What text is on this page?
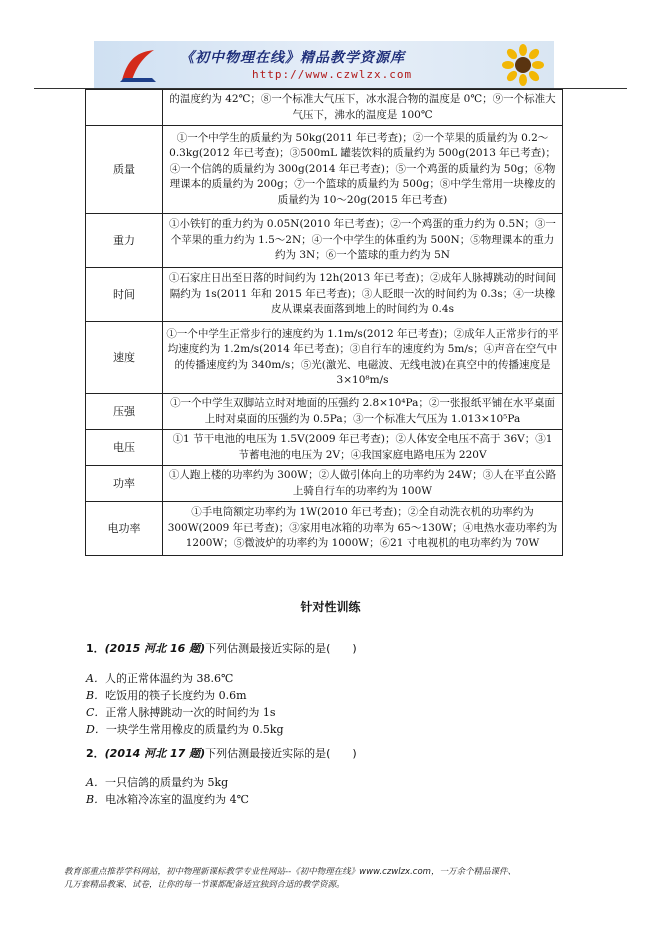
《初中物理在线》精品教学资源库
http://www.czwlzx.com
	的温度约为 42℃；⑧一个标准大气压下，冰水混合物的温度是 0℃；⑨一个标准大气压下，沸水的温度是 100℃
质量	①一个中学生的质量约为 50kg(2011 年已考查)；②一个苹果的质量约为 0.2～0.3kg(2012 年已考查)；③500mL 罐装饮料的质量约为 500g(2013 年已考查)；④一个信鸽的质量约为 300g(2014 年已考查)；⑤一个鸡蛋的质量约为 50g；⑥物理课本的质量约为 200g；⑦一个篮球的质量约为 500g；⑧中学生常用一块橡皮的质量约为 10～20g(2015 年已考查)
重力	①小铁钉的重力约为 0.05N(2010 年已考查)；②一个鸡蛋的重力约为 0.5N；③一个苹果的重力约为 1.5～2N；④一个中学生的体重约为 500N；⑤物理课本的重力约为 3N；⑥一个篮球的重力约为 5N
时间	①石家庄日出至日落的时间约为 12h(2013 年已考查)；②成年人脉搏跳动的时间间隔约为 1s(2011 年和 2015 年已考查)；③人眨眼一次的时间约为 0.3s；④一块橡皮从课桌表面落到地上的时间约为 0.4s
速度	①一个中学生正常步行的速度约为 1.1m/s(2012 年已考查)；②成年人正常步行的平均速度约为 1.2m/s(2014 年已考查)；③自行车的速度约为 5m/s；④声音在空气中的传播速度约为 340m/s；⑤光(激光、电磁波、无线电波)在真空中的传播速度是 3×10⁸m/s
压强	①一个中学生双脚站立时对地面的压强约 2.8×10⁴Pa；②一张报纸平铺在水平桌面上时对桌面的压强约为 0.5Pa；③一个标准大气压为 1.013×10⁵Pa
电压	①1 节干电池的电压为 1.5V(2009 年已考查)；②人体安全电压不高于 36V；③1 节蓄电池的电压为 2V；④我国家庭电路电压为 220V
功率	①人跑上楼的功率约为 300W；②人做引体向上的功率约为 24W；③人在平直公路上骑自行车的功率约为 100W
电功率	①手电筒额定功率约为 1W(2010 年已考查)；②全自动洗衣机的功率约为 300W(2009 年已考查)；③家用电冰箱的功率为 65～130W；④电热水壶功率约为 1200W；⑤微波炉的功率约为 1000W；⑥21 寸电视机的电功率约为 70W
针对性训练
1．(2015 河北 16 题)下列估测最接近实际的是(　　)
A．人的正常体温约为 38.6℃
B．吃饭用的筷子长度约为 0.6m
C．正常人脉搏跳动一次的时间约为 1s
D．一块学生常用橡皮的质量约为 0.5kg
2．(2014 河北 17 题)下列估测最接近实际的是(　　)
A．一只信鸽的质量约为 5kg
B．电冰箱冷冻室的温度约为 4℃
教育部重点推荐学科网站，初中物理新课标教学专业性网站--《初中物理在线》www.czwlzx.com，一万余个精品课件、
几万套精品教案、试卷，让你的每一节课都配备适宜独到合适的教学资源。
